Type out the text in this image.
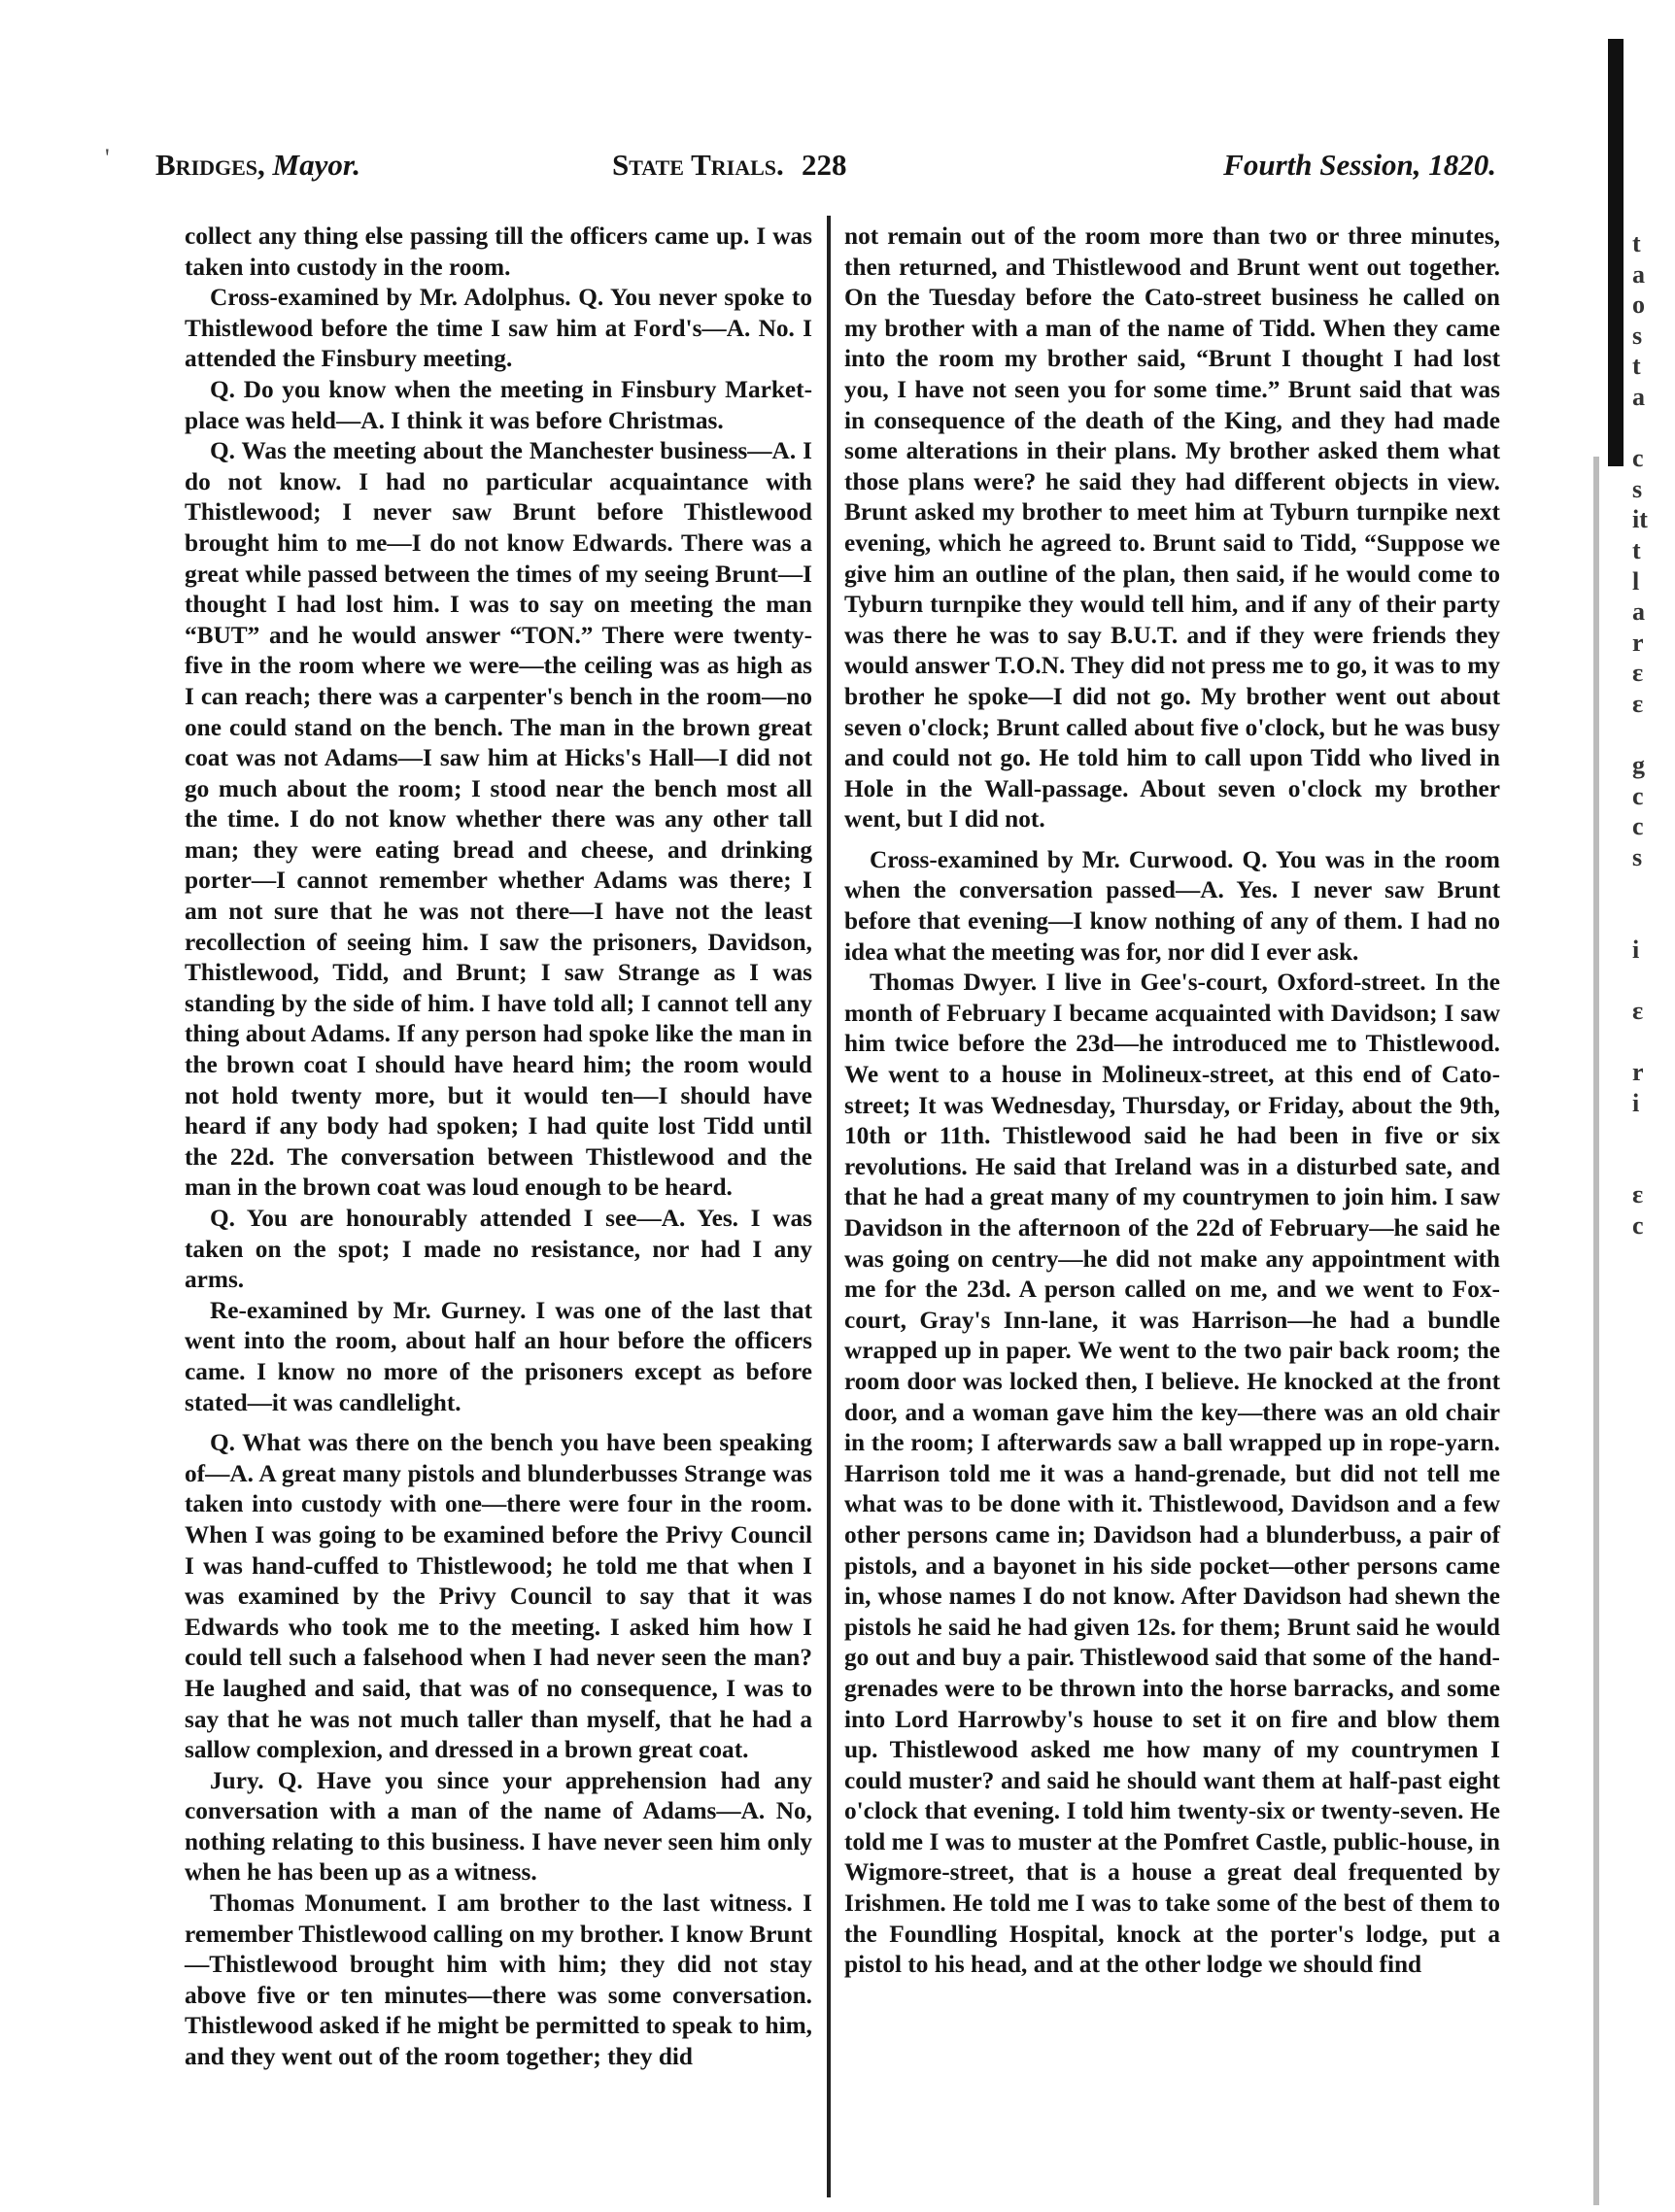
' Bridges, Mayor.	State Trials. 228	Fourth Session, 1820.

collect any thing else passing till the officers came up. I was taken into custody in the room.

Cross-examined by Mr. Adolphus. Q. You never spoke to Thistlewood before the time I saw him at Ford's—A. No. I attended the Finsbury meeting.

Q. Do you know when the meeting in Finsbury Market-place was held—A. I think it was before Christmas.

Q. Was the meeting about the Manchester business—A. I do not know. I had no particular acquaintance with Thistlewood; I never saw Brunt before Thistlewood brought him to me—I do not know Edwards. There was a great while passed between the times of my seeing Brunt—I thought I had lost him. I was to say on meeting the man “BUT” and he would answer “TON.” There were twenty-five in the room where we were—the ceiling was as high as I can reach; there was a carpenter's bench in the room—no one could stand on the bench. The man in the brown great coat was not Adams—I saw him at Hicks's Hall—I did not go much about the room; I stood near the bench most all the time. I do not know whether there was any other tall man; they were eating bread and cheese, and drinking porter—I cannot remember whether Adams was there; I am not sure that he was not there—I have not the least recollection of seeing him. I saw the prisoners, Davidson, Thistlewood, Tidd, and Brunt; I saw Strange as I was standing by the side of him. I have told all; I cannot tell any thing about Adams. If any person had spoke like the man in the brown coat I should have heard him; the room would not hold twenty more, but it would ten—I should have heard if any body had spoken; I had quite lost Tidd until the 22d. The conversation between Thistlewood and the man in the brown coat was loud enough to be heard.

Q. You are honourably attended I see—A. Yes. I was taken on the spot; I made no resistance, nor had I any arms.

Re-examined by Mr. Gurney. I was one of the last that went into the room, about half an hour before the officers came. I know no more of the prisoners except as before stated—it was candlelight.

Q. What was there on the bench you have been speaking of—A. A great many pistols and blunderbusses Strange was taken into custody with one—there were four in the room. When I was going to be examined before the Privy Council I was hand-cuffed to Thistlewood; he told me that when I was examined by the Privy Council to say that it was Edwards who took me to the meeting. I asked him how I could tell such a falsehood when I had never seen the man? He laughed and said, that was of no consequence, I was to say that he was not much taller than myself, that he had a sallow complexion, and dressed in a brown great coat.

Jury. Q. Have you since your apprehension had any conversation with a man of the name of Adams—A. No, nothing relating to this business. I have never seen him only when he has been up as a witness.

Thomas Monument. I am brother to the last witness. I remember Thistlewood calling on my brother. I know Brunt—Thistlewood brought him with him; they did not stay above five or ten minutes—there was some conversation. Thistlewood asked if he might be permitted to speak to him, and they went out of the room together; they did

not remain out of the room more than two or three minutes, then returned, and Thistlewood and Brunt went out together. On the Tuesday before the Cato-street business he called on my brother with a man of the name of Tidd. When they came into the room my brother said, “Brunt I thought I had lost you, I have not seen you for some time.” Brunt said that was in consequence of the death of the King, and they had made some alterations in their plans. My brother asked them what those plans were? he said they had different objects in view. Brunt asked my brother to meet him at Tyburn turnpike next evening, which he agreed to. Brunt said to Tidd, “Suppose we give him an outline of the plan, then said, if he would come to Tyburn turnpike they would tell him, and if any of their party was there he was to say B.U.T. and if they were friends they would answer T.O.N. They did not press me to go, it was to my brother he spoke—I did not go. My brother went out about seven o'clock; Brunt called about five o'clock, but he was busy and could not go. He told him to call upon Tidd who lived in Hole in the Wall-passage. About seven o'clock my brother went, but I did not.

Cross-examined by Mr. Curwood. Q. You was in the room when the conversation passed—A. Yes. I never saw Brunt before that evening—I know nothing of any of them. I had no idea what the meeting was for, nor did I ever ask.

Thomas Dwyer. I live in Gee's-court, Oxford-street. In the month of February I became acquainted with Davidson; I saw him twice before the 23d—he introduced me to Thistlewood. We went to a house in Molineux-street, at this end of Cato-street; It was Wednesday, Thursday, or Friday, about the 9th, 10th or 11th. Thistlewood said he had been in five or six revolutions. He said that Ireland was in a disturbed sate, and that he had a great many of my countrymen to join him. I saw Davidson in the afternoon of the 22d of February—he said he was going on centry—he did not make any appointment with me for the 23d. A person called on me, and we went to Fox-court, Gray's Inn-lane, it was Harrison—he had a bundle wrapped up in paper. We went to the two pair back room; the room door was locked then, I believe. He knocked at the front door, and a woman gave him the key—there was an old chair in the room; I afterwards saw a ball wrapped up in rope-yarn. Harrison told me it was a hand-grenade, but did not tell me what was to be done with it. Thistlewood, Davidson and a few other persons came in; Davidson had a blunderbuss, a pair of pistols, and a bayonet in his side pocket—other persons came in, whose names I do not know. After Davidson had shewn the pistols he said he had given 12s. for them; Brunt said he would go out and buy a pair. Thistlewood said that some of the hand-grenades were to be thrown into the horse barracks, and some into Lord Harrowby's house to set it on fire and blow them up. Thistlewood asked me how many of my countrymen I could muster? and said he should want them at half-past eight o'clock that evening. I told him twenty-six or twenty-seven. He told me I was to muster at the Pomfret Castle, public-house, in Wigmore-street, that is a house a great deal frequented by Irishmen. He told me I was to take some of the best of them to the Foundling Hospital, knock at the porter's lodge, put a pistol to his head, and at the other lodge we should find

t
a
o
s
t
a
c
s
it
t
l
a
r
ɛ
ɛ
g
c
c
s
i
ɛ
r
i
ɛ
c
